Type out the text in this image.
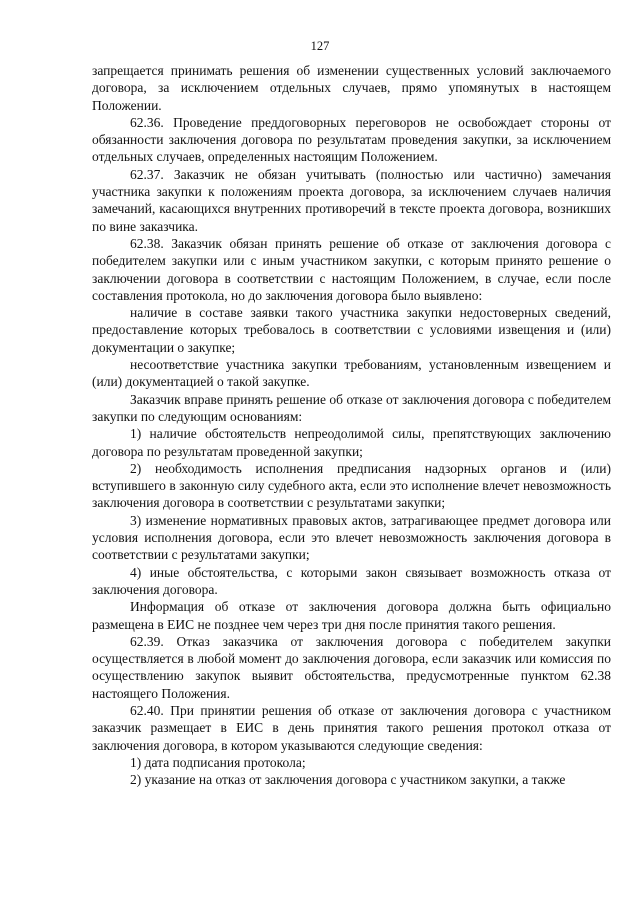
127

запрещается принимать решения об изменении существенных условий заключаемого договора, за исключением отдельных случаев, прямо упомянутых в настоящем Положении.

62.36. Проведение преддоговорных переговоров не освобождает стороны от обязанности заключения договора по результатам проведения закупки, за исключением отдельных случаев, определенных настоящим Положением.

62.37. Заказчик не обязан учитывать (полностью или частично) замечания участника закупки к положениям проекта договора, за исключением случаев наличия замечаний, касающихся внутренних противоречий в тексте проекта договора, возникших по вине заказчика.

62.38. Заказчик обязан принять решение об отказе от заключения договора с победителем закупки или с иным участником закупки, с которым принято решение о заключении договора в соответствии с настоящим Положением, в случае, если после составления протокола, но до заключения договора было выявлено:

наличие в составе заявки такого участника закупки недостоверных сведений, предоставление которых требовалось в соответствии с условиями извещения и (или) документации о закупке;

несоответствие участника закупки требованиям, установленным извещением и (или) документацией о такой закупке.

Заказчик вправе принять решение об отказе от заключения договора с победителем закупки по следующим основаниям:

1) наличие обстоятельств непреодолимой силы, препятствующих заключению договора по результатам проведенной закупки;

2) необходимость исполнения предписания надзорных органов и (или) вступившего в законную силу судебного акта, если это исполнение влечет невозможность заключения договора в соответствии с результатами закупки;

3) изменение нормативных правовых актов, затрагивающее предмет договора или условия исполнения договора, если это влечет невозможность заключения договора в соответствии с результатами закупки;

4) иные обстоятельства, с которыми закон связывает возможность отказа от заключения договора.

Информация об отказе от заключения договора должна быть официально размещена в ЕИС не позднее чем через три дня после принятия такого решения.

62.39. Отказ заказчика от заключения договора с победителем закупки осуществляется в любой момент до заключения договора, если заказчик или комиссия по осуществлению закупок выявит обстоятельства, предусмотренные пунктом 62.38 настоящего Положения.

62.40. При принятии решения об отказе от заключения договора с участником заказчик размещает в ЕИС в день принятия такого решения протокол отказа от заключения договора, в котором указываются следующие сведения:

1) дата подписания протокола;

2) указание на отказ от заключения договора с участником закупки, а также
